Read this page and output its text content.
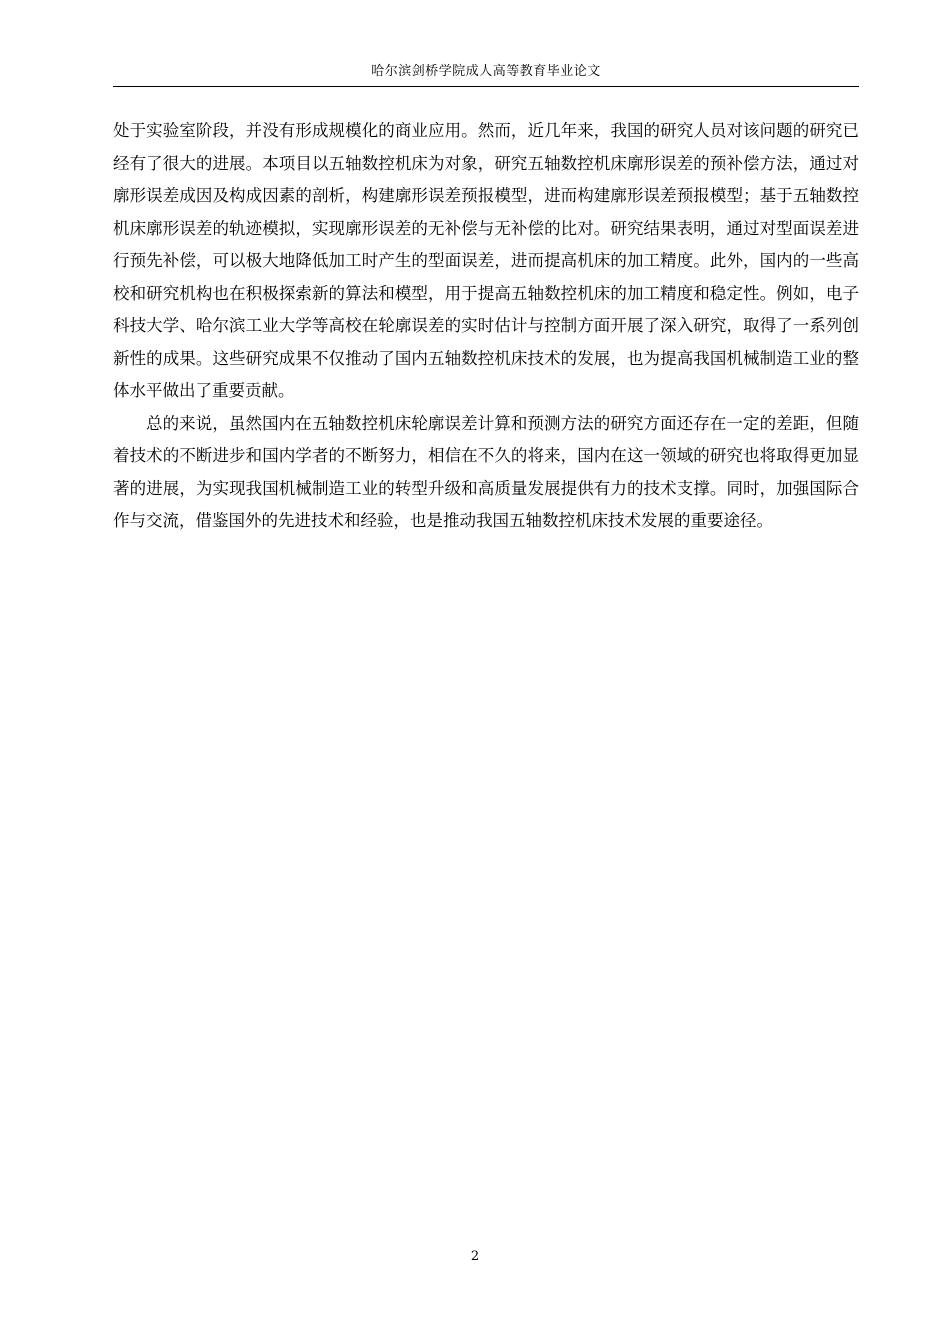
哈尔滨剑桥学院成人高等教育毕业论文

处于实验室阶段，并没有形成规模化的商业应用。然而，近几年来，我国的研究人员对该问题的研究已经有了很大的进展。本项目以五轴数控机床为对象，研究五轴数控机床廓形误差的预补偿方法，通过对廓形误差成因及构成因素的剖析，构建廓形误差预报模型，进而构建廓形误差预报模型；基于五轴数控机床廓形误差的轨迹模拟，实现廓形误差的无补偿与无补偿的比对。研究结果表明，通过对型面误差进行预先补偿，可以极大地降低加工时产生的型面误差，进而提高机床的加工精度。此外，国内的一些高校和研究机构也在积极探索新的算法和模型，用于提高五轴数控机床的加工精度和稳定性。例如，电子科技大学、哈尔滨工业大学等高校在轮廓误差的实时估计与控制方面开展了深入研究，取得了一系列创新性的成果。这些研究成果不仅推动了国内五轴数控机床技术的发展，也为提高我国机械制造工业的整体水平做出了重要贡献。

总的来说，虽然国内在五轴数控机床轮廓误差计算和预测方法的研究方面还存在一定的差距，但随着技术的不断进步和国内学者的不断努力，相信在不久的将来，国内在这一领域的研究也将取得更加显著的进展，为实现我国机械制造工业的转型升级和高质量发展提供有力的技术支撑。同时，加强国际合作与交流，借鉴国外的先进技术和经验，也是推动我国五轴数控机床技术发展的重要途径。

2
